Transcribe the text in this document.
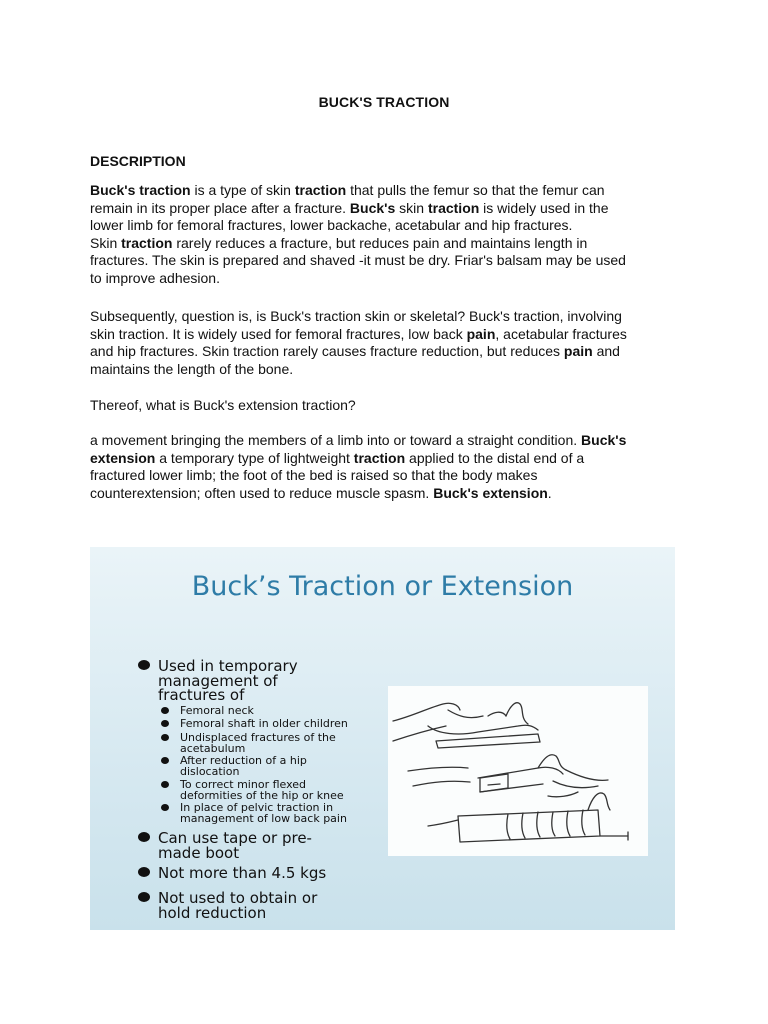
BUCK'S TRACTION
DESCRIPTION
Buck's traction is a type of skin traction that pulls the femur so that the femur can
remain in its proper place after a fracture. Buck's skin traction is widely used in the
lower limb for femoral fractures, lower backache, acetabular and hip fractures.
Skin traction rarely reduces a fracture, but reduces pain and maintains length in
fractures. The skin is prepared and shaved -it must be dry. Friar's balsam may be used
to improve adhesion.
Subsequently, question is, is Buck's traction skin or skeletal? Buck's traction, involving
skin traction. It is widely used for femoral fractures, low back pain, acetabular fractures
and hip fractures. Skin traction rarely causes fracture reduction, but reduces pain and
maintains the length of the bone.
Thereof, what is Buck's extension traction?
a movement bringing the members of a limb into or toward a straight condition. Buck's
extension a temporary type of lightweight traction applied to the distal end of a
fractured lower limb; the foot of the bed is raised so that the body makes
counterextension; often used to reduce muscle spasm. Buck's extension.
Buck’s Traction or Extension
Used in temporary
management of
fractures of
Femoral neck
Femoral shaft in older children
Undisplaced fractures of the
acetabulum
After reduction of a hip
dislocation
To correct minor flexed
deformities of the hip or knee
In place of pelvic traction in
management of low back pain
Can use tape or pre-
made boot
Not more than 4.5 kgs
Not used to obtain or
hold reduction
